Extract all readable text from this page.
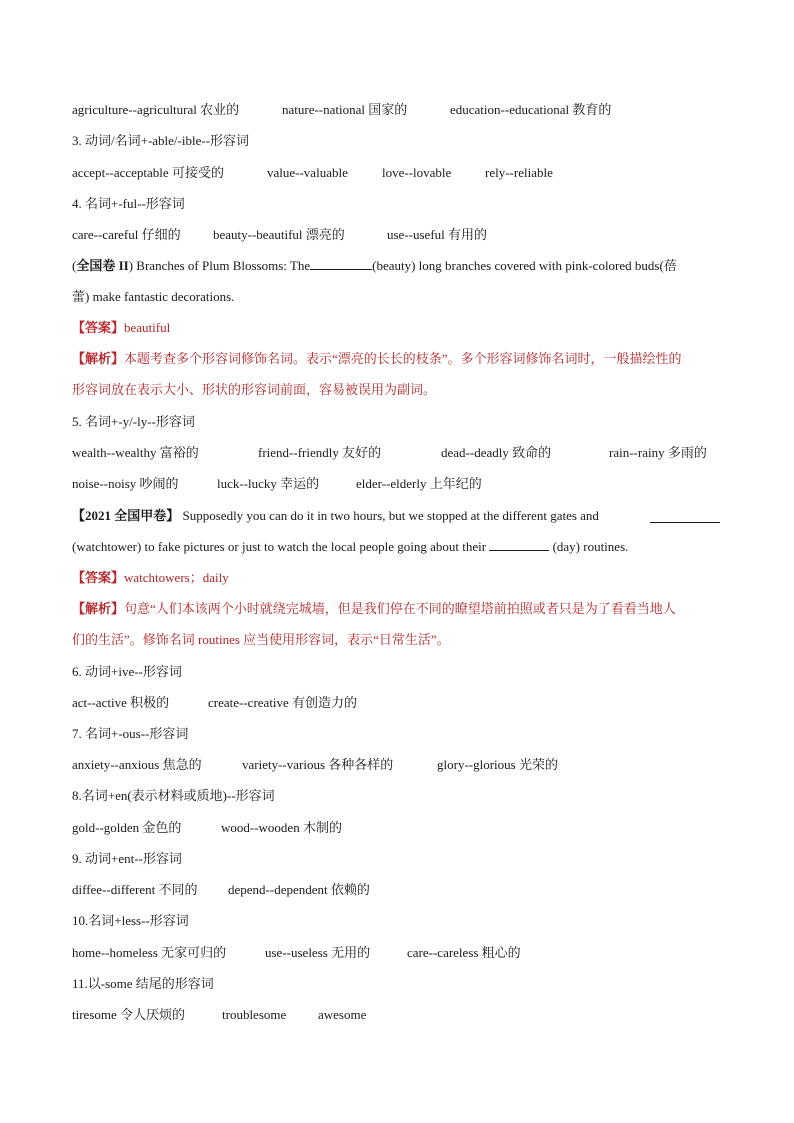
agriculture--agricultural 农业的	nature--national 国家的	education--educational 教育的
3. 动词/名词+-able/-ible--形容词
accept--acceptable 可接受的	value--valuable	love--lovable	rely--reliable
4. 名词+-ful--形容词
care--careful 仔细的 beauty--beautiful 漂亮的	use--useful 有用的
(全国卷 II) Branches of Plum Blossoms: The	(beauty) long branches covered with pink-colored buds(蓓
蕾) make fantastic decorations.
【答案】beautiful
【解析】本题考查多个形容词修饰名词。表示“漂亮的长长的枝条”。多个形容词修饰名词时，一般描绘性的
形容词放在表示大小、形状的形容词前面，容易被误用为副词。
5. 名词+-y/-ly--形容词
wealth--wealthy 富裕的	friend--friendly 友好的	dead--deadly 致命的	rain--rainy 多雨的
noise--noisy 吵闹的	luck--lucky 幸运的	elder--elderly 上年纪的
【2021 全国甲卷】 Supposedly you can do it in two hours, but we stopped at the different gates and
(watchtower) to fake pictures or just to watch the local people going about their	(day) routines.
【答案】watchtowers；daily
【解析】句意“人们本该两个小时就绕完城墙，但是我们停在不同的瞭望塔前拍照或者只是为了看看当地人
们的生活”。修饰名词 routines 应当使用形容词，表示“日常生活”。
6. 动词+ive--形容词
act--active 积极的	create--creative 有创造力的
7. 名词+-ous--形容词
anxiety--anxious 焦急的	variety--various 各种各样的	glory--glorious 光荣的
8.名词+en(表示材料或质地)--形容词
gold--golden 金色的	wood--wooden 木制的
9. 动词+ent--形容词
diffee--different 不同的 depend--dependent 依赖的
10.名词+less--形容词
home--homeless 无家可归的	use--useless 无用的	care--careless 粗心的
11.以-some 结尾的形容词
tiresome 令人厌烦的	troublesome awesome
